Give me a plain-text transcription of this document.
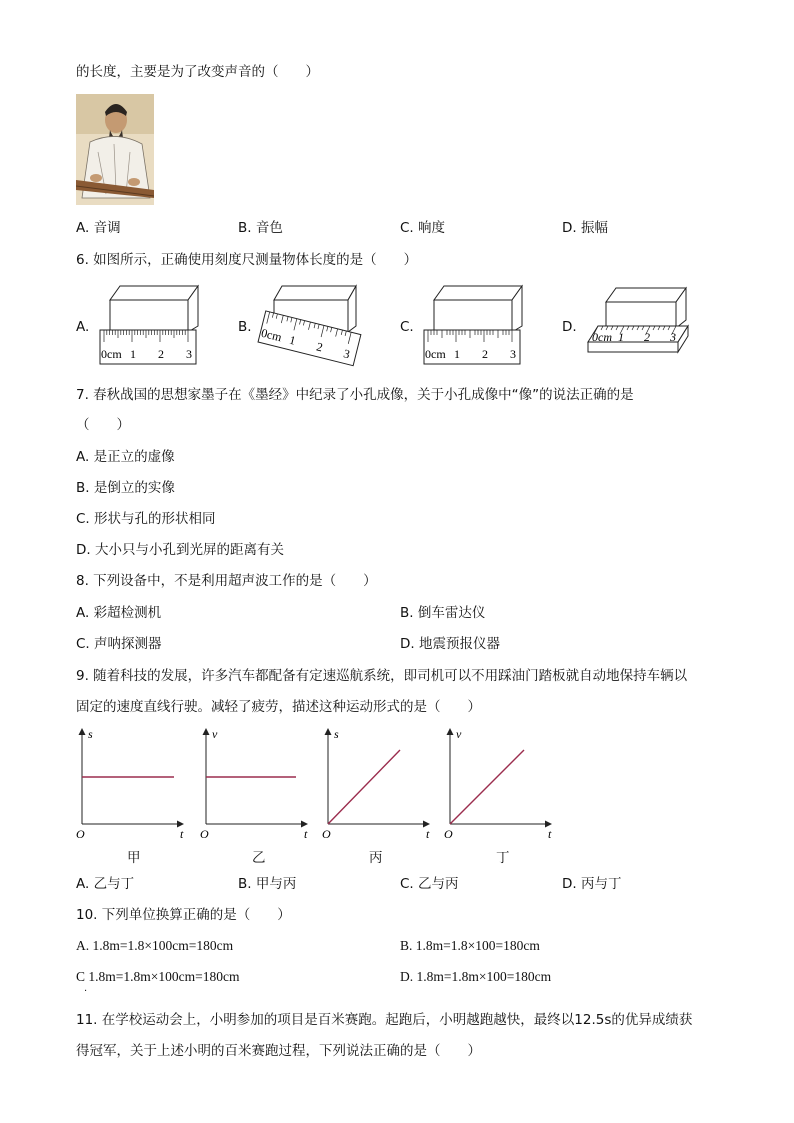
的长度，主要是为了改变声音的（　　）
A. 音调	B. 音色	C. 响度	D. 振幅
6. 如图所示，正确使用刻度尺测量物体长度的是（　　）
A.	B.	C.	D.
0cm 1 2 3
0cm 1 2 3	0cm 1 2 3
0cm 1 2 3
7. 春秋战国的思想家墨子在《墨经》中纪录了小孔成像，关于小孔成像中“像”的说法正确的是
（　　）
A. 是正立的虚像
B. 是倒立的实像
C. 形状与孔的形状相同
D. 大小只与小孔到光屏的距离有关
8. 下列设备中，不是利用超声波工作的是（　　）
A. 彩超检测机	B. 倒车雷达仪
C. 声呐探测器	D. 地震预报仪器
9. 随着科技的发展，许多汽车都配备有定速巡航系统，即司机可以不用踩油门踏板就自动地保持车辆以
固定的速度直线行驶。减轻了疲劳，描述这种运动形式的是（　　）
s
t
O
v
t
O
s
t
O
v
t
O
甲	乙	丙	丁
A. 乙与丁	B. 甲与丙	C. 乙与丙	D. 丙与丁
10. 下列单位换算正确的是（　　）
A. 1.8m=1.8×100cm=180cm	B. 1.8m=1.8×100=180cm
C 1.8m=1.8m×100cm=180cm	D. 1.8m=1.8m×100=180cm
.
11. 在学校运动会上，小明参加的项目是百米赛跑。起跑后，小明越跑越快，最终以12.5s的优异成绩获
得冠军，关于上述小明的百米赛跑过程，下列说法正确的是（　　）
